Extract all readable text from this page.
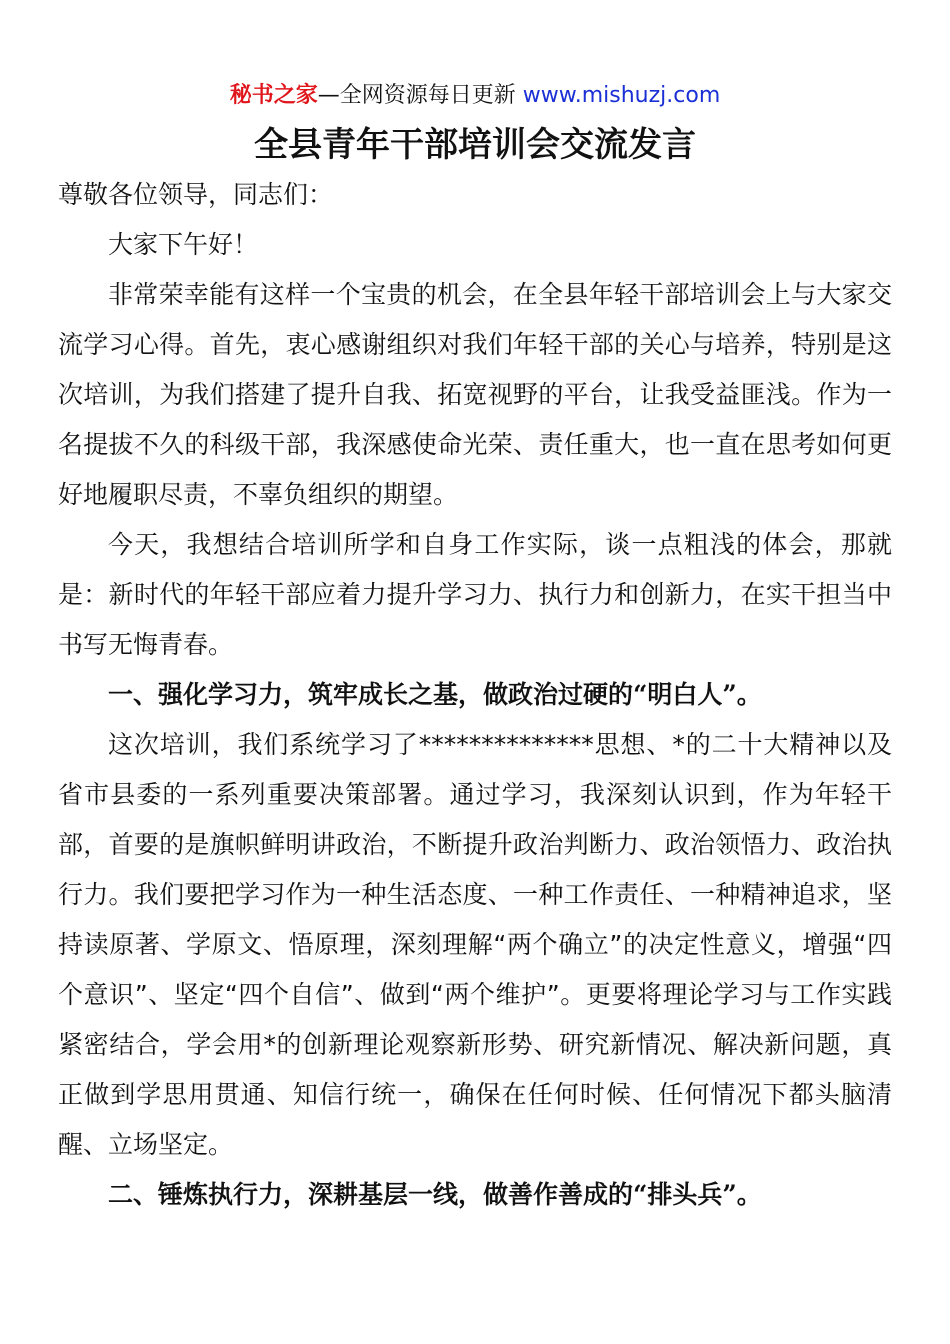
秘书之家—全网资源每日更新 www.mishuzj.com
全县青年干部培训会交流发言

尊敬各位领导，同志们：

大家下午好！

非常荣幸能有这样一个宝贵的机会，在全县年轻干部培训会上与大家交流学习心得。首先，衷心感谢组织对我们年轻干部的关心与培养，特别是这次培训，为我们搭建了提升自我、拓宽视野的平台，让我受益匪浅。作为一名提拔不久的科级干部，我深感使命光荣、责任重大，也一直在思考如何更好地履职尽责，不辜负组织的期望。

今天，我想结合培训所学和自身工作实际，谈一点粗浅的体会，那就是：新时代的年轻干部应着力提升学习力、执行力和创新力，在实干担当中书写无悔青春。

一、强化学习力，筑牢成长之基，做政治过硬的“明白人”。

这次培训，我们系统学习了**************思想、*的二十大精神以及省市县委的一系列重要决策部署。通过学习，我深刻认识到，作为年轻干部，首要的是旗帜鲜明讲政治，不断提升政治判断力、政治领悟力、政治执行力。我们要把学习作为一种生活态度、一种工作责任、一种精神追求，坚持读原著、学原文、悟原理，深刻理解“两个确立”的决定性意义，增强“四个意识”、坚定“四个自信”、做到“两个维护”。更要将理论学习与工作实践紧密结合，学会用*的创新理论观察新形势、研究新情况、解决新问题，真正做到学思用贯通、知信行统一，确保在任何时候、任何情况下都头脑清醒、立场坚定。

二、锤炼执行力，深耕基层一线，做善作善成的“排头兵”。
